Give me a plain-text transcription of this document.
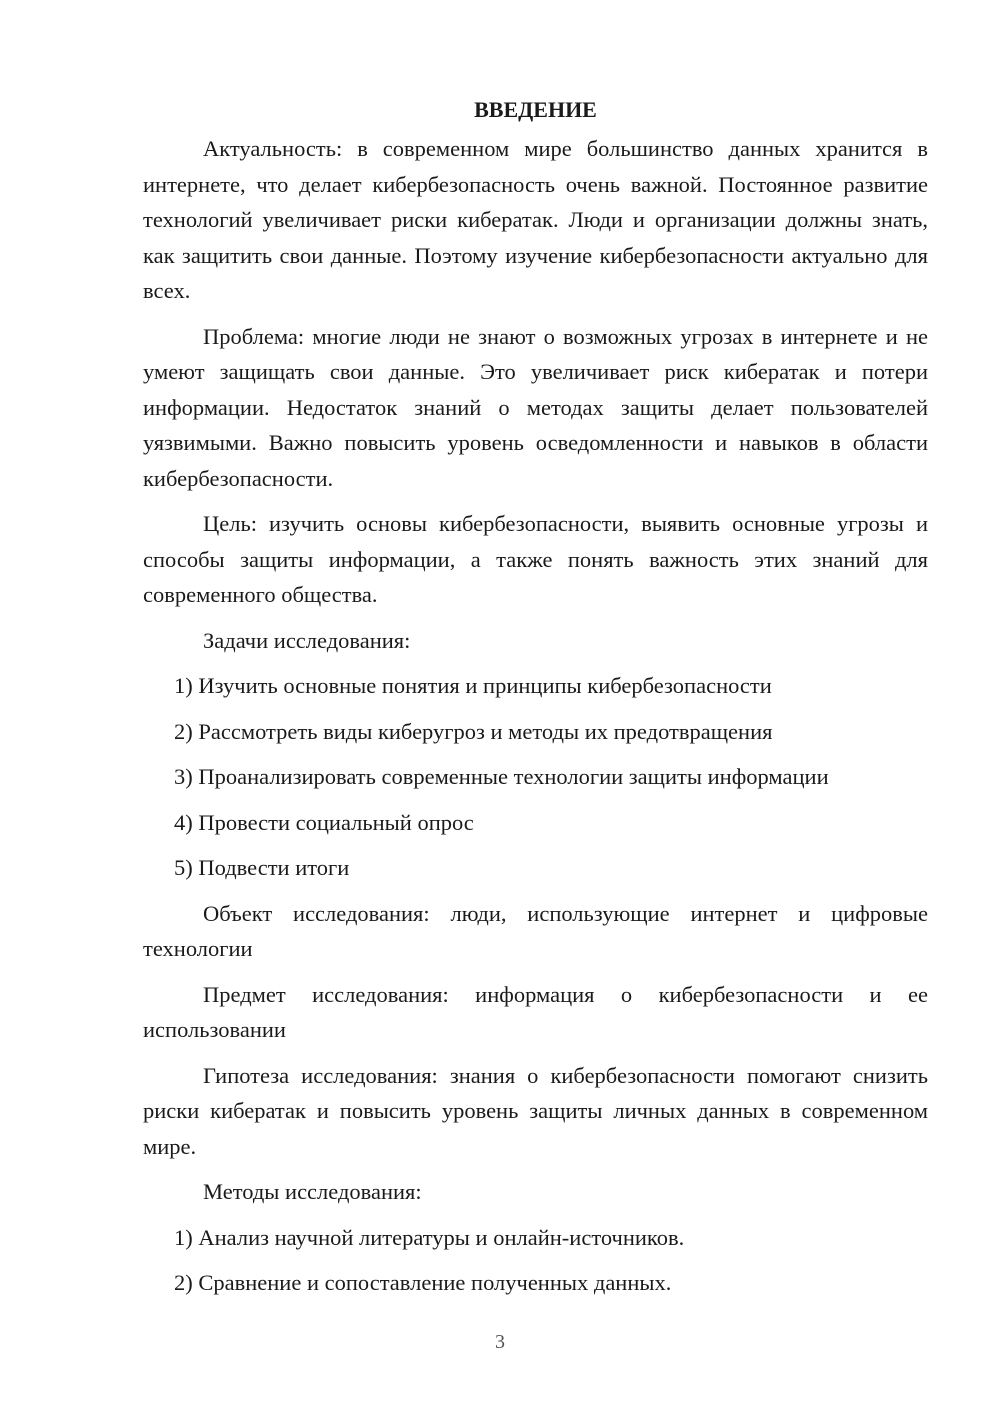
ВВЕДЕНИЕ

Актуальность: в современном мире большинство данных хранится в интернете, что делает кибербезопасность очень важной. Постоянное развитие технологий увеличивает риски кибератак. Люди и организации должны знать, как защитить свои данные. Поэтому изучение кибербезопасности актуально для всех.

Проблема: многие люди не знают о возможных угрозах в интернете и не умеют защищать свои данные. Это увеличивает риск кибератак и потери информации. Недостаток знаний о методах защиты делает пользователей уязвимыми. Важно повысить уровень осведомленности и навыков в области кибербезопасности.

Цель: изучить основы кибербезопасности, выявить основные угрозы и способы защиты информации, а также понять важность этих знаний для современного общества.

Задачи исследования:

1) Изучить основные понятия и принципы кибербезопасности
2) Рассмотреть виды киберугроз и методы их предотвращения
3) Проанализировать современные технологии защиты информации
4) Провести социальный опрос
5) Подвести итоги

Объект исследования: люди, использующие интернет и цифровые технологии

Предмет исследования: информация о кибербезопасности и ее использовании

Гипотеза исследования: знания о кибербезопасности помогают снизить риски кибератак и повысить уровень защиты личных данных в современном мире.

Методы исследования:

1) Анализ научной литературы и онлайн-источников.
2) Сравнение и сопоставление полученных данных.
3
